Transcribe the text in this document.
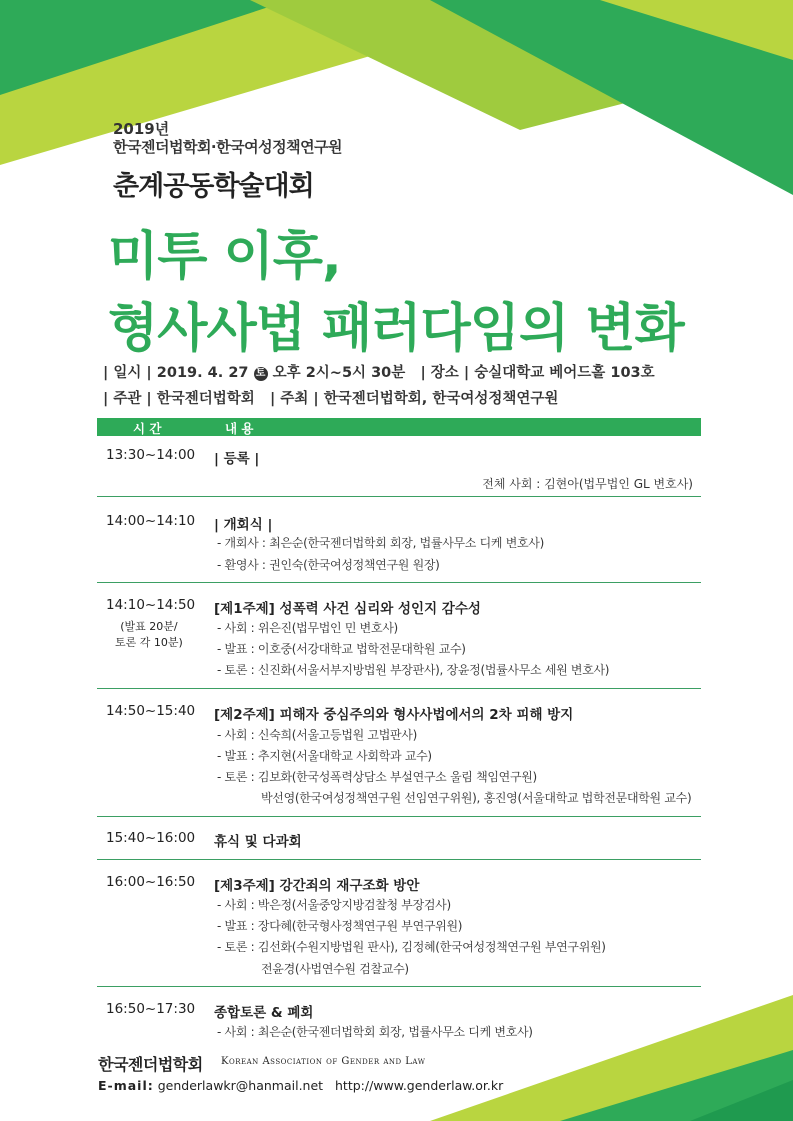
2019년
한국젠더법학회·한국여성정책연구원
춘계공동학술대회
미투 이후,
형사사법 패러다임의 변화
| 일시 | 2019. 4. 27 토 오후 2시~5시 30분 | 장소 | 숭실대학교 베어드홀 103호
| 주관 | 한국젠더법학회 | 주최 | 한국젠더법학회, 한국여성정책연구원
시 간	내 용
13:30~14:00 | 등록 |
전체 사회 : 김현아(법무법인 GL 변호사)
14:00~14:10 | 개회식 |
- 개회사 : 최은순(한국젠더법학회 회장, 법률사무소 디케 변호사)
- 환영사 : 권인숙(한국여성정책연구원 원장)
14:10~14:50
(발표 20분/
토론 각 10분)
[제1주제] 성폭력 사건 심리와 성인지 감수성
- 사회 : 위은진(법무법인 민 변호사)
- 발표 : 이호중(서강대학교 법학전문대학원 교수)
- 토론 : 신진화(서울서부지방법원 부장판사), 장윤정(법률사무소 세원 변호사)
14:50~15:40 [제2주제] 피해자 중심주의와 형사사법에서의 2차 피해 방지
- 사회 : 신숙희(서울고등법원 고법판사)
- 발표 : 추지현(서울대학교 사회학과 교수)
- 토론 : 김보화(한국성폭력상담소 부설연구소 울림 책임연구원)
박선영(한국여성정책연구원 선임연구위원), 홍진영(서울대학교 법학전문대학원 교수)
15:40~16:00 휴식 및 다과회
16:00~16:50 [제3주제] 강간죄의 재구조화 방안
- 사회 : 박은정(서울중앙지방검찰청 부장검사)
- 발표 : 장다혜(한국형사정책연구원 부연구위원)
- 토론 : 김선화(수원지방법원 판사), 김정혜(한국여성정책연구원 부연구위원)
전윤경(사법연수원 검찰교수)
16:50~17:30 종합토론 & 폐회
- 사회 : 최은순(한국젠더법학회 회장, 법률사무소 디케 변호사)
한국젠더법학회 Korean Association of Gender and Law
E-mail: genderlawkr@hanmail.net http://www.genderlaw.or.kr
